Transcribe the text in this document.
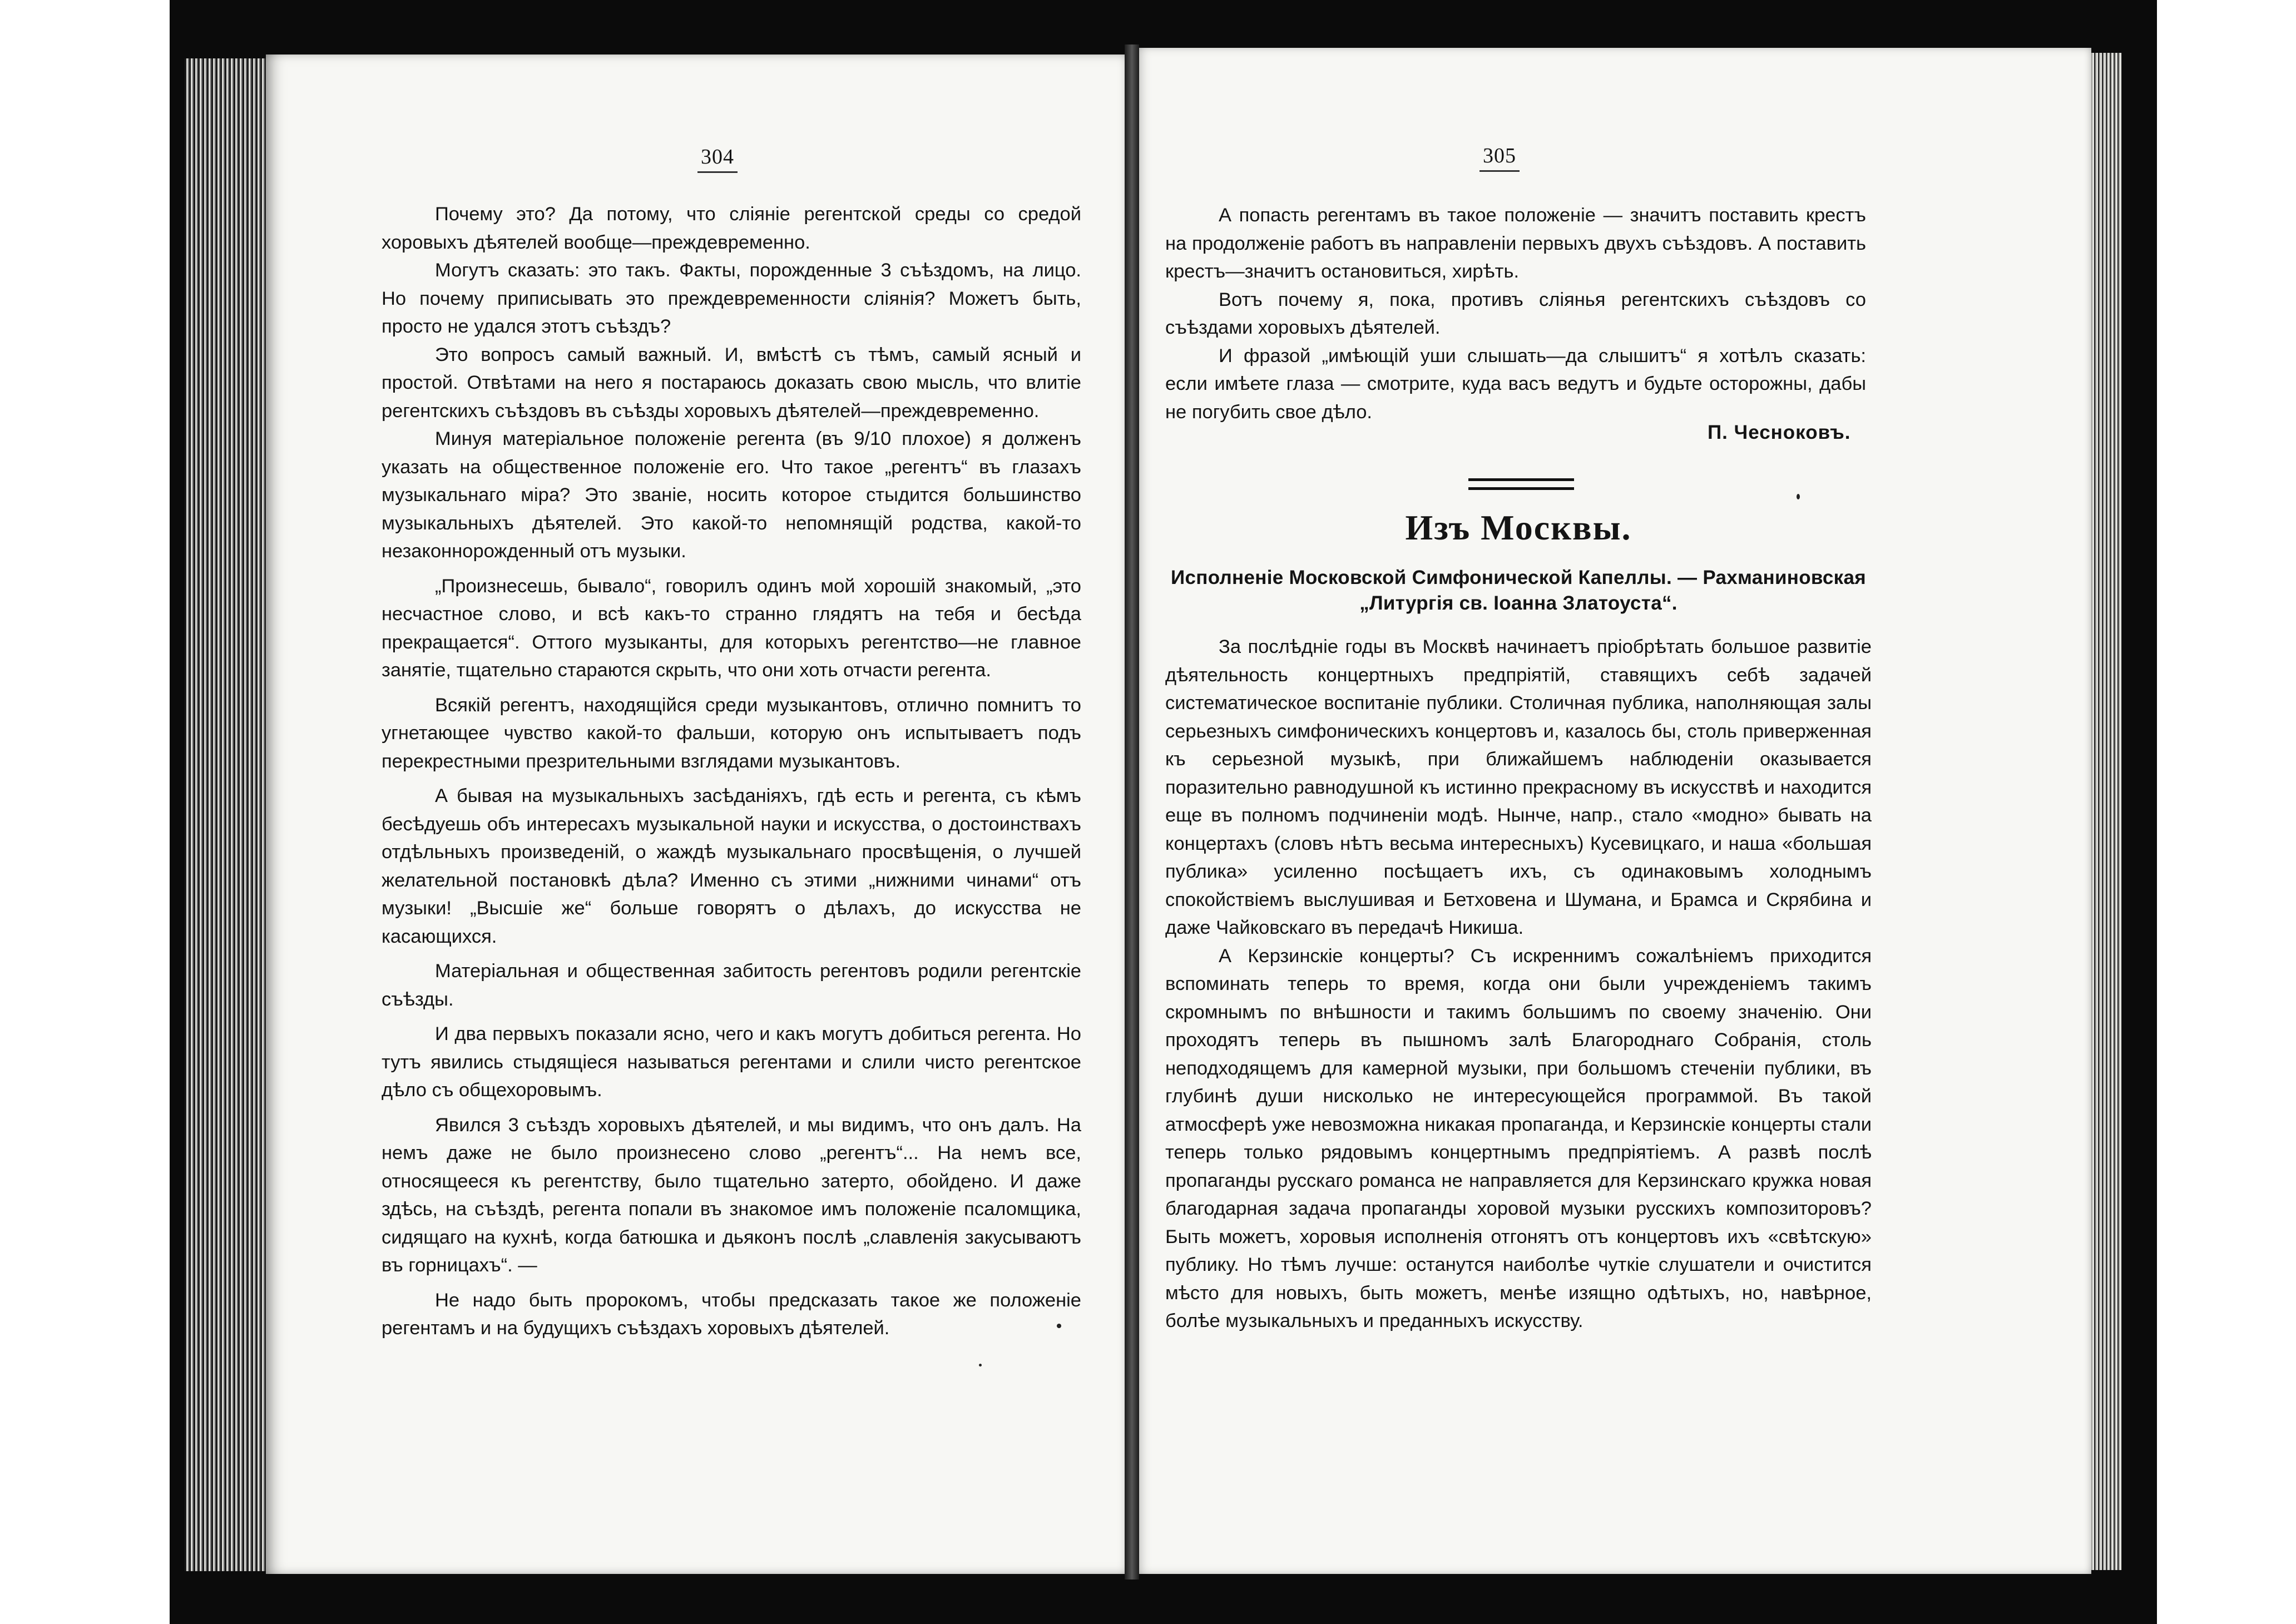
304	305

Почему это? Да потому, что сліяніе регентской среды со средой хоровыхъ дѣятелей вообще—преждевременно.

Могутъ сказать: это такъ. Факты, порожденные 3 съѣздомъ, на лицо. Но почему приписывать это преждевременности сліянія? Можетъ быть, просто не удался этотъ съѣздъ?

Это вопросъ самый важный. И, вмѣстѣ съ тѣмъ, самый ясный и простой. Отвѣтами на него я постараюсь доказать свою мысль, что влитіе регентскихъ съѣздовъ въ съѣзды хоровыхъ дѣятелей—преждевременно.

Минуя матеріальное положеніе регента (въ 9/10 плохое) я долженъ указать на общественное положеніе его. Что такое „регентъ“ въ глазахъ музыкальнаго міра? Это званіе, носить которое стыдится большинство музыкальныхъ дѣятелей. Это какой-то непомнящій родства, какой-то незаконнорожденный отъ музыки.

„Произнесешь, бывало“, говорилъ одинъ мой хорошій знакомый, „это несчастное слово, и всѣ какъ-то странно глядятъ на тебя и бесѣда прекращается“. Оттого музыканты, для которыхъ регентство—не главное занятіе, тщательно стараются скрыть, что они хоть отчасти регента.

Всякій регентъ, находящійся среди музыкантовъ, отлично помнитъ то угнетающее чувство какой-то фальши, которую онъ испытываетъ подъ перекрестными презрительными взглядами музыкантовъ.

А бывая на музыкальныхъ засѣданіяхъ, гдѣ есть и регента, съ кѣмъ бесѣдуешь объ интересахъ музыкальной науки и искусства, о достоинствахъ отдѣльныхъ произведеній, о жаждѣ музыкальнаго просвѣщенія, о лучшей желательной постановкѣ дѣла? Именно съ этими „нижними чинами“ отъ музыки! „Высшіе же“ больше говорятъ о дѣлахъ, до искусства не касающихся.

Матеріальная и общественная забитость регентовъ родили регентскіе съѣзды.

И два первыхъ показали ясно, чего и какъ могутъ добиться регента. Но тутъ явились стыдящіеся называться регентами и слили чисто регентское дѣло съ общехоровымъ.

Явился 3 съѣздъ хоровыхъ дѣятелей, и мы видимъ, что онъ далъ. На немъ даже не было произнесено слово „регентъ“... На немъ все, относящееся къ регентству, было тщательно затерто, обойдено. И даже здѣсь, на съѣздѣ, регента попали въ знакомое имъ положеніе псаломщика, сидящаго на кухнѣ, когда батюшка и дьяконъ послѣ „славленія закусываютъ въ горницахъ“. —

Не надо быть пророкомъ, чтобы предсказать такое же положеніе регентамъ и на будущихъ съѣздахъ хоровыхъ дѣятелей.

А попасть регентамъ въ такое положеніе — значитъ поставить крестъ на продолженіе работъ въ направленіи первыхъ двухъ съѣздовъ. А поставить крестъ—значитъ остановиться, хирѣть.

Вотъ почему я, пока, противъ сліянья регентскихъ съѣздовъ со съѣздами хоровыхъ дѣятелей.

И фразой „имѣющій уши слышать—да слышитъ“ я хотѣлъ сказать: если имѣете глаза — смотрите, куда васъ ведутъ и будьте осторожны, дабы не погубить свое дѣло.

П. Чесноковъ.
Изъ Москвы.
Исполненіе Московской Симфонической Капеллы. — Рахманиновская „Литургія св. Іоанна Златоуста“.

За послѣдніе годы въ Москвѣ начинаетъ пріобрѣтать большое развитіе дѣятельность концертныхъ предпріятій, ставящихъ себѣ задачей систематическое воспитаніе публики. Столичная публика, наполняющая залы серьезныхъ симфоническихъ концертовъ и, казалось бы, столь приверженная къ серьезной музыкѣ, при ближайшемъ наблюденіи оказывается поразительно равнодушной къ истинно прекрасному въ искусствѣ и находится еще въ полномъ подчиненіи модѣ. Нынче, напр., стало «модно» бывать на концертахъ (словъ нѣтъ весьма интересныхъ) Кусевицкаго, и наша «большая публика» усиленно посѣщаетъ ихъ, съ одинаковымъ холоднымъ спокойствіемъ выслушивая и Бетховена и Шумана, и Брамса и Скрябина и даже Чайковскаго въ передачѣ Никиша.

А Керзинскіе концерты? Съ искреннимъ сожалѣніемъ приходится вспоминать теперь то время, когда они были учрежденіемъ такимъ скромнымъ по внѣшности и такимъ большимъ по своему значенію. Они проходятъ теперь въ пышномъ залѣ Благороднаго Собранія, столь неподходящемъ для камерной музыки, при большомъ стеченіи публики, въ глубинѣ души нисколько не интересующейся программой. Въ такой атмосферѣ уже невозможна никакая пропаганда, и Керзинскіе концерты стали теперь только рядовымъ концертнымъ предпріятіемъ. А развѣ послѣ пропаганды русскаго романса не направляется для Керзинскаго кружка новая благодарная задача пропаганды хоровой музыки русскихъ композиторовъ? Быть можетъ, хоровыя исполненія отгонятъ отъ концертовъ ихъ «свѣтскую» публику. Но тѣмъ лучше: останутся наиболѣе чуткіе слушатели и очистится мѣсто для новыхъ, быть можетъ, менѣе изящно одѣтыхъ, но, навѣрное, болѣе музыкальныхъ и преданныхъ искусству.
